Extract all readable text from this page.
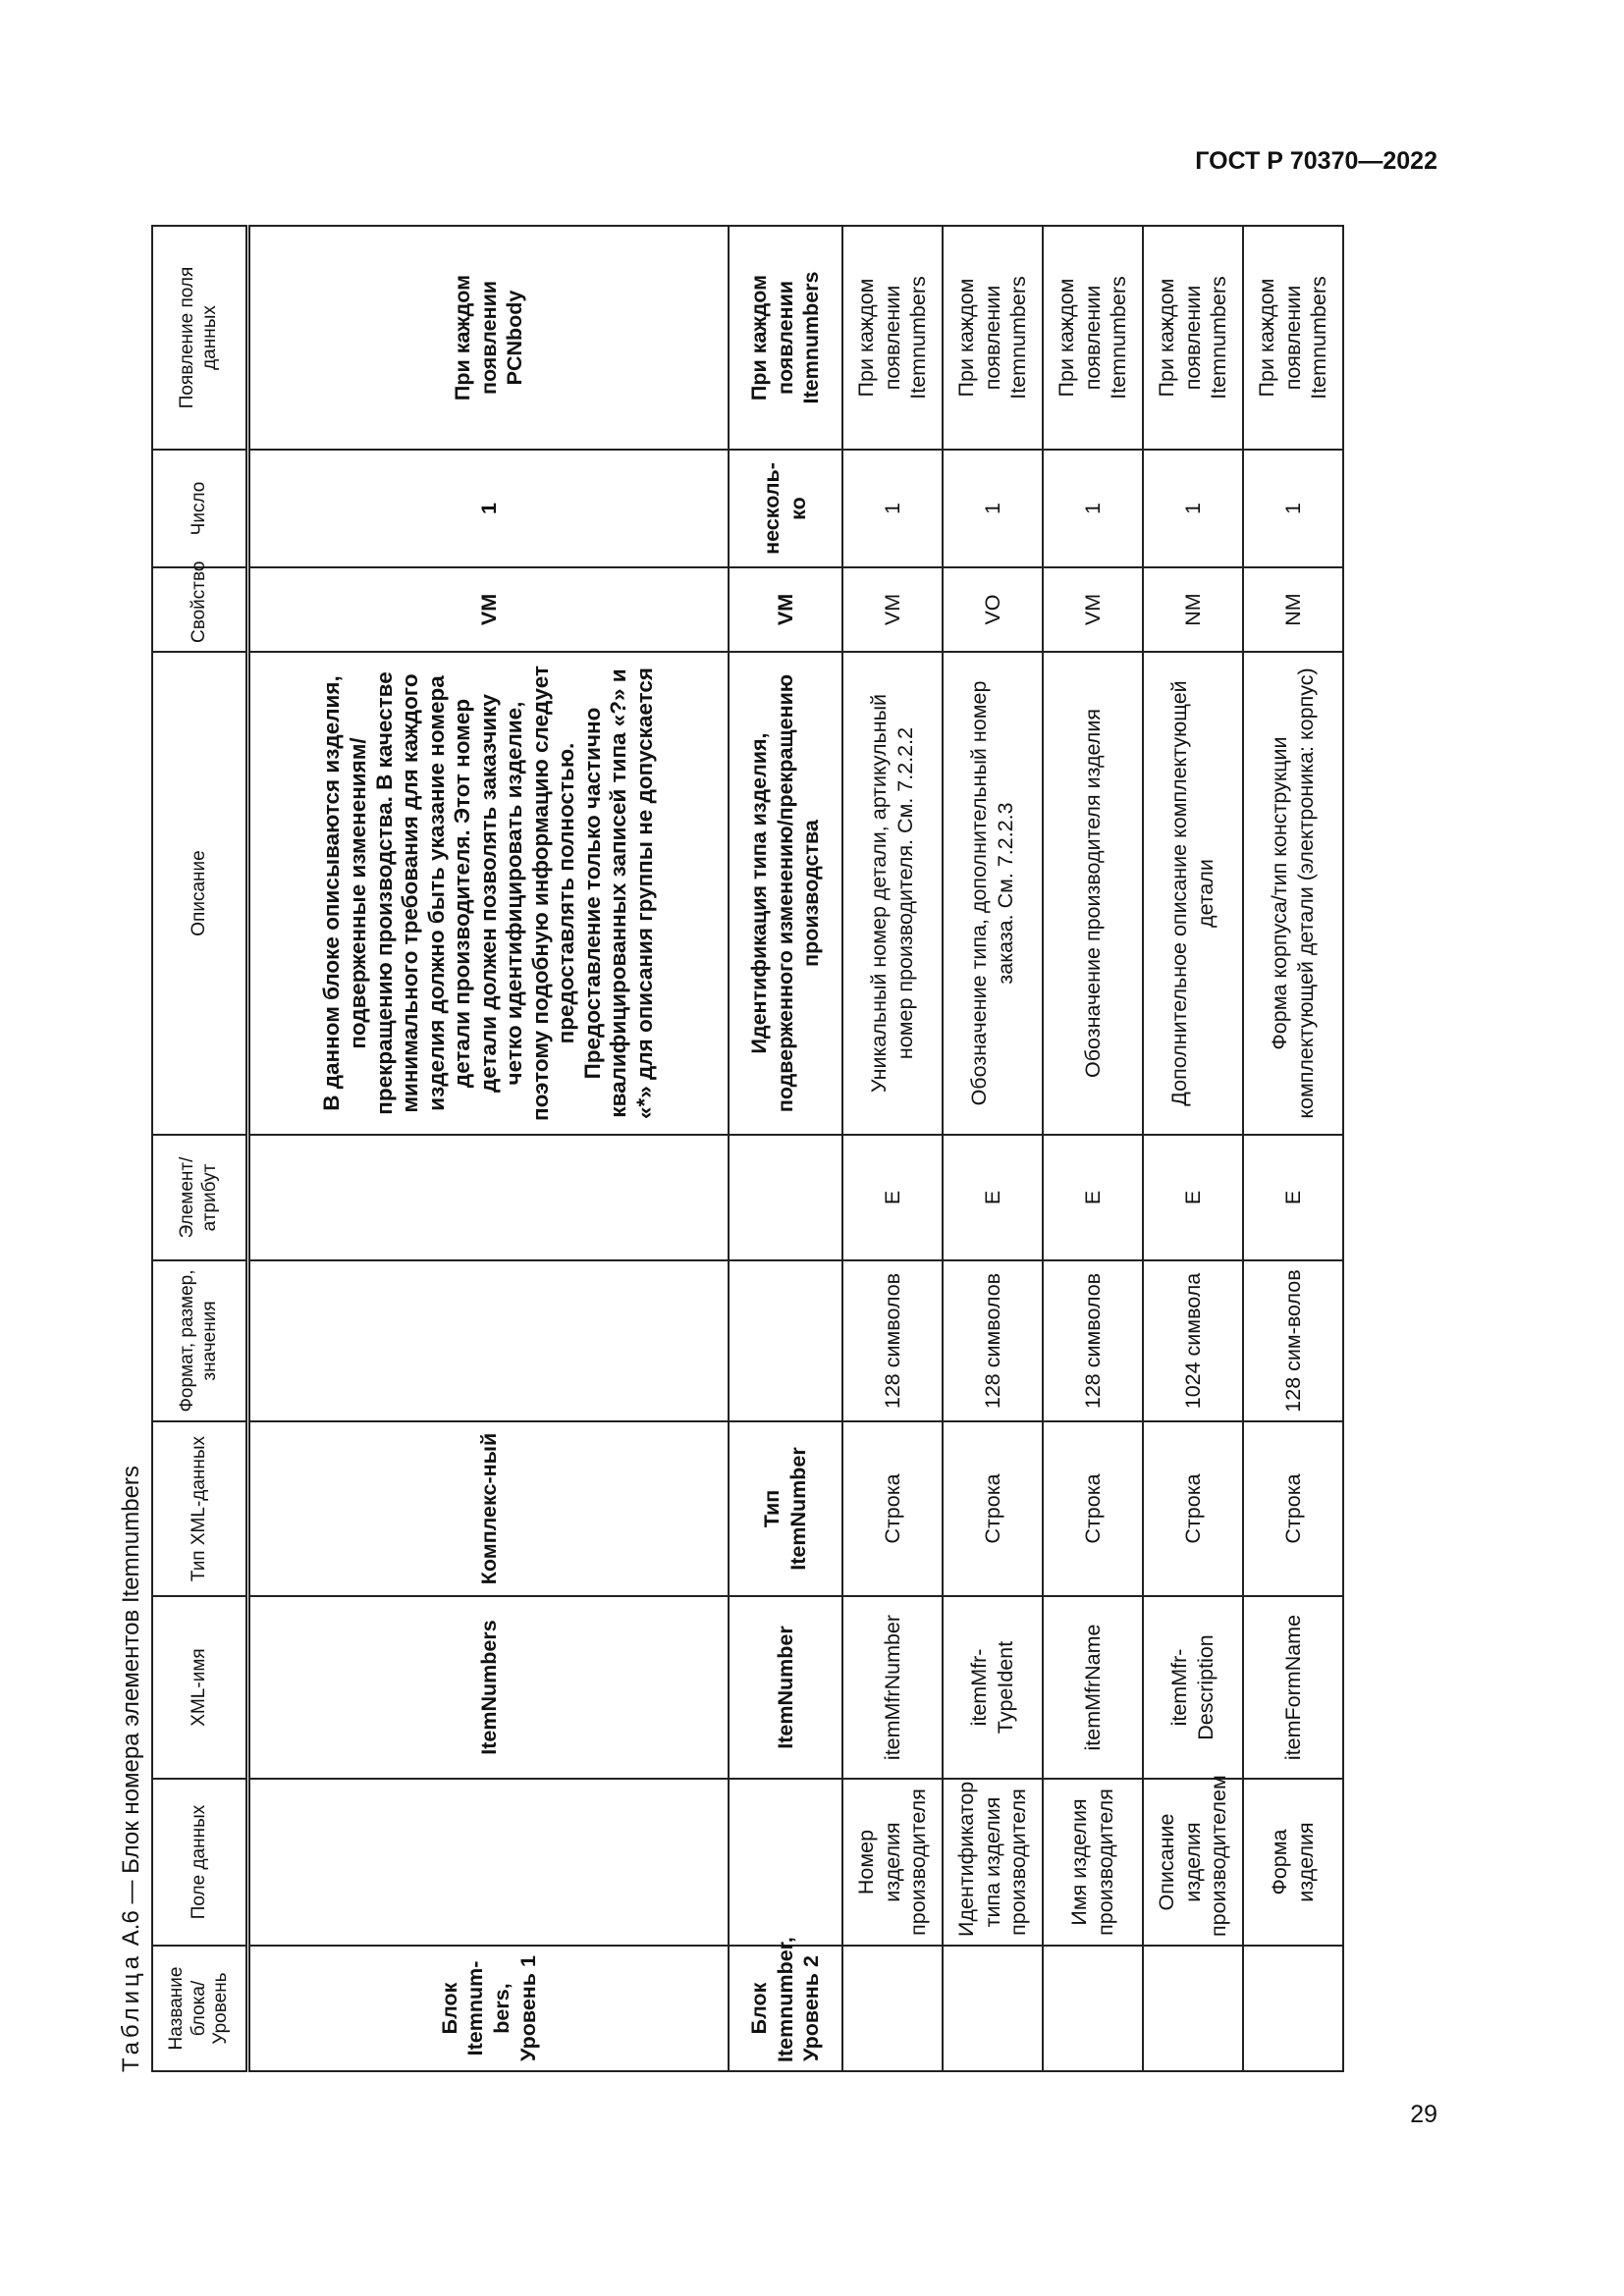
ГОСТ Р 70370—2022
Таблица А.6 — Блок номера элементов Itemnumbers
Название блока/ Уровень	Поле данных	XML-имя	Тип XML-данных	Формат, размер, значения	Элемент/ атрибут	Описание	Свойство	Число	Появление поля данных
Блок Itemnum-bers, Уровень 1		ItemNumbers	Комплекс-ный			В данном блоке описываются изделия, подверженные изменениям/прекращению производства. В качестве минимального требования для каждого изделия должно быть указание номера детали производителя. Этот номер детали должен позволять заказчику четко идентифицировать изделие, поэтому подобную информацию следует предоставлять полностью. Предоставление только частично квалифицированных записей типа «?» и «*» для описания группы не допускается	VM	1	При каждом появлении PCNbody
Блок Itemnumber, Уровень 2		ItemNumber	Тип ItemNumber			Идентификация типа изделия, подверженного изменению/прекращению производства	VM	несколь-ко	При каждом появлении Itemnumbers
	Номер изделия производителя	itemMfrNumber	Строка	128 символов	E	Уникальный номер детали, артикульный номер производителя. См. 7.2.2.2	VM	1	При каждом появлении Itemnumbers
	Идентификатор типа изделия производителя	itemMfr-TypeIdent	Строка	128 символов	E	Обозначение типа, дополнительный номер заказа. См. 7.2.2.3	VO	1	При каждом появлении Itemnumbers
	Имя изделия производителя	itemMfrName	Строка	128 символов	E	Обозначение производителя изделия	VM	1	При каждом появлении Itemnumbers
	Описание изделия производителем	itemMfr-Description	Строка	1024 символа	E	Дополнительное описание комплектующей детали	NM	1	При каждом появлении Itemnumbers
	Форма изделия	itemFormName	Строка	128 сим-волов	E	Форма корпуса/тип конструкции комплектующей детали (электроника: корпус)	NM	1	При каждом появлении Itemnumbers
29
